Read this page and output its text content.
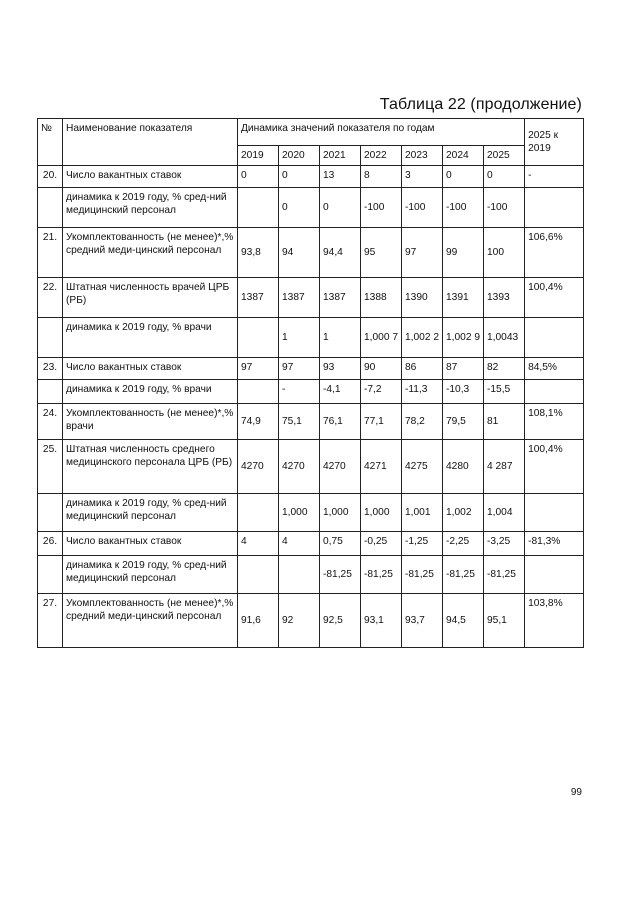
Таблица 22 (продолжение)
№	Наименование показателя	Динамика значений показателя по годам							2025 к 2019
		2019	2020	2021	2022	2023	2024	2025	
20.	Число вакантных ставок	0	0	13	8	3	0	0	-
	динамика к 2019 году, % сред-ний медицинский персонал		0	0	-100	-100	-100	-100	
21.	Укомплектованность (не менее)*,% средний меди-цинский персонал	93,8	94	94,4	95	97	99	100	106,6%
22.	Штатная численность врачей ЦРБ (РБ)	1387	1387	1387	1388	1390	1391	1393	100,4%
	динамика к 2019 году, % врачи		1	1	1,000 7	1,002 2	1,002 9	1,0043	
23.	Число вакантных ставок	97	97	93	90	86	87	82	84,5%
	динамика к 2019 году, % врачи		-	-4,1	-7,2	-11,3	-10,3	-15,5	
24.	Укомплектованность (не менее)*,% врачи	74,9	75,1	76,1	77,1	78,2	79,5	81	108,1%
25.	Штатная численность среднего медицинского персонала ЦРБ (РБ)	4270	4270	4270	4271	4275	4280	4 287	100,4%
	динамика к 2019 году, % сред-ний медицинский персонал		1,000	1,000	1,000	1,001	1,002	1,004	
26.	Число вакантных ставок	4	4	0,75	-0,25	-1,25	-2,25	-3,25	-81,3%
	динамика к 2019 году, % сред-ний медицинский персонал			-81,25	-81,25	-81,25	-81,25	-81,25	
27.	Укомплектованность (не менее)*,% средний меди-цинский персонал	91,6	92	92,5	93,1	93,7	94,5	95,1	103,8%
99
